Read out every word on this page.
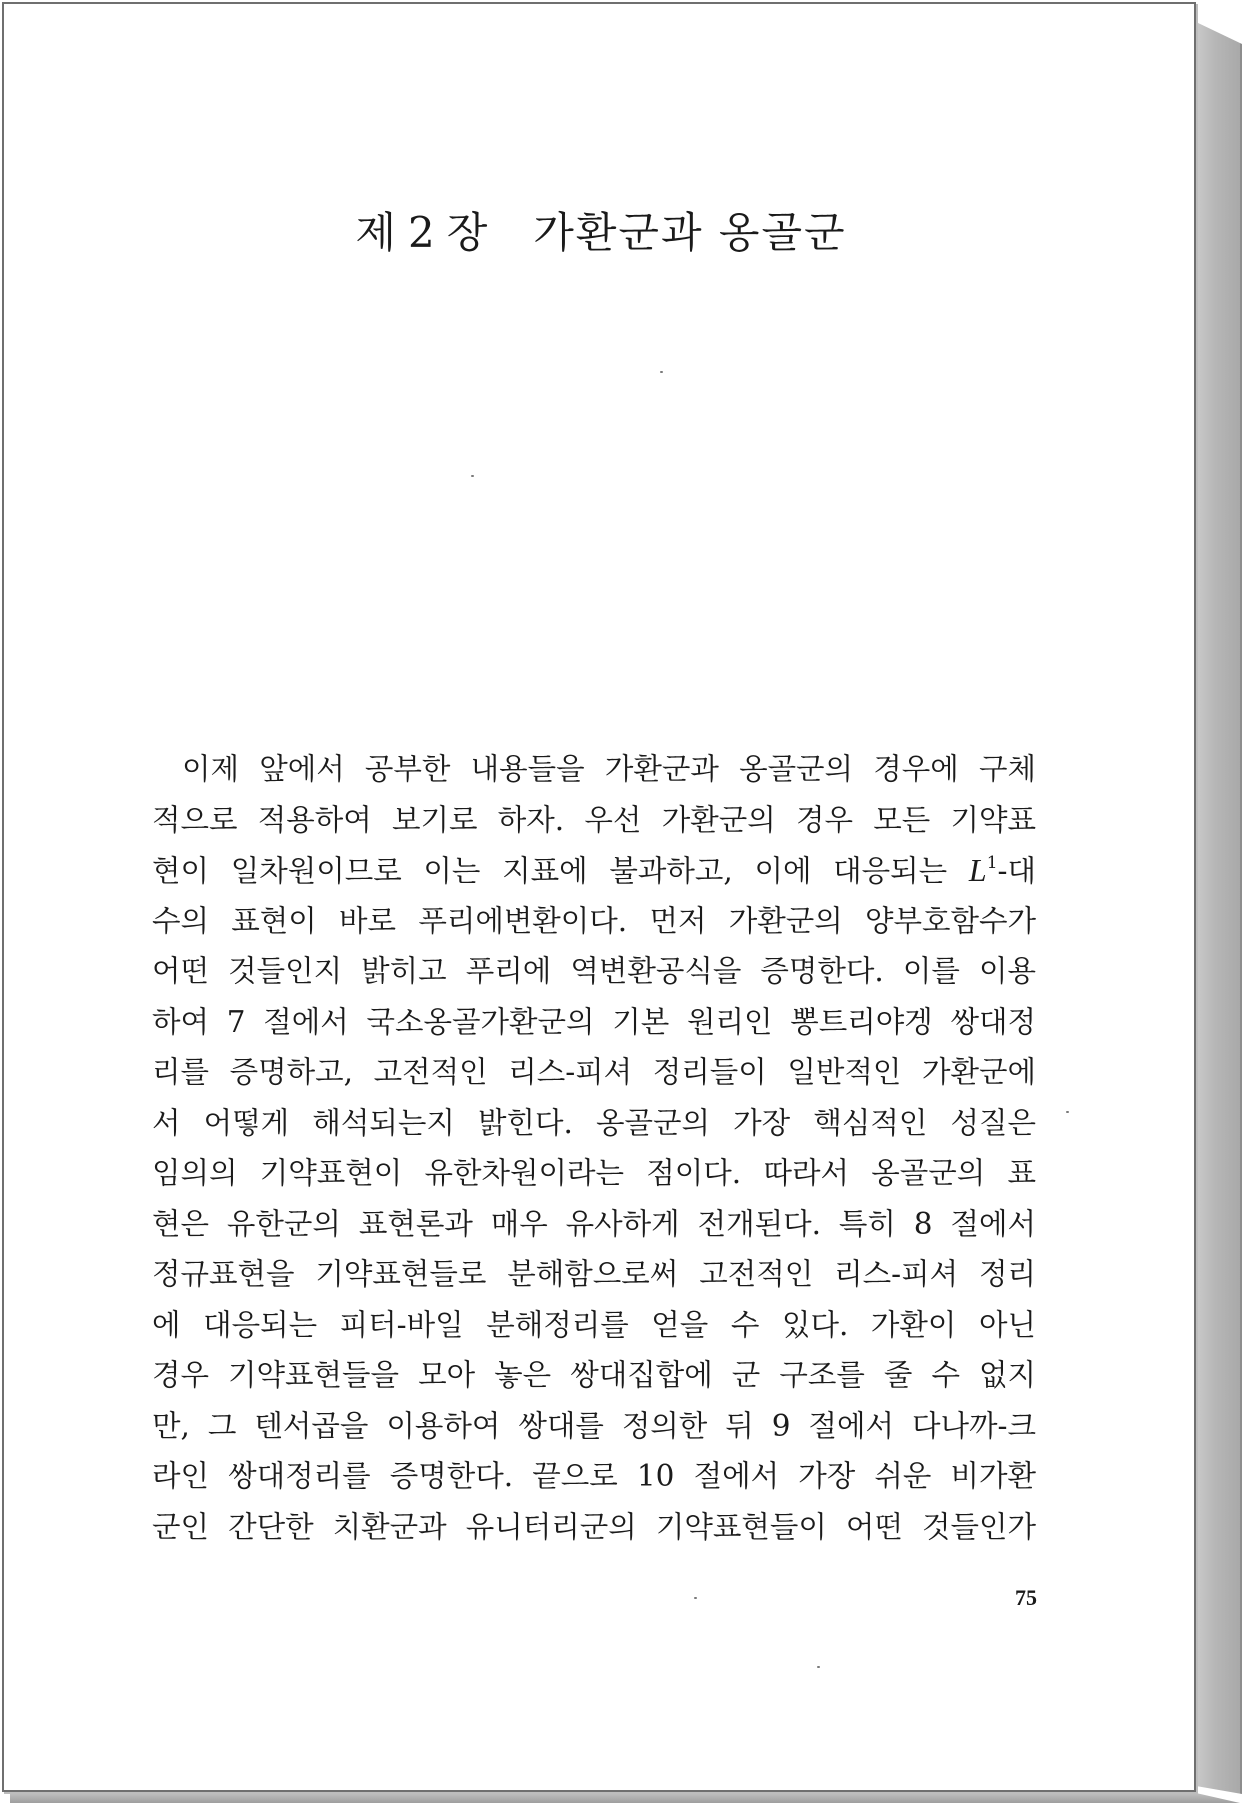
제 2 장 가환군과 옹골군
이제 앞에서 공부한 내용들을 가환군과 옹골군의 경우에 구체
적으로 적용하여 보기로 하자. 우선 가환군의 경우 모든 기약표
현이 일차원이므로 이는 지표에 불과하고, 이에 대응되는 $L^1-$대
수의 표현이 바로 푸리에변환이다. 먼저 가환군의 양부호함수가
어떤 것들인지 밝히고 푸리에 역변환공식을 증명한다. 이를 이용
하여 7 절에서 국소옹골가환군의 기본 원리인 뽕트리야겡 쌍대정
리를 증명하고, 고전적인 리스-피셔 정리들이 일반적인 가환군에
서 어떻게 해석되는지 밝힌다. 옹골군의 가장 핵심적인 성질은
임의의 기약표현이 유한차원이라는 점이다. 따라서 옹골군의 표
현은 유한군의 표현론과 매우 유사하게 전개된다. 특히 8 절에서
정규표현을 기약표현들로 분해함으로써 고전적인 리스-피셔 정리
에 대응되는 피터-바일 분해정리를 얻을 수 있다. 가환이 아닌
경우 기약표현들을 모아 놓은 쌍대집합에 군 구조를 줄 수 없지
만, 그 텐서곱을 이용하여 쌍대를 정의한 뒤 9 절에서 다나까-크
라인 쌍대정리를 증명한다. 끝으로 10 절에서 가장 쉬운 비가환
군인 간단한 치환군과 유니터리군의 기약표현들이 어떤 것들인가
75
